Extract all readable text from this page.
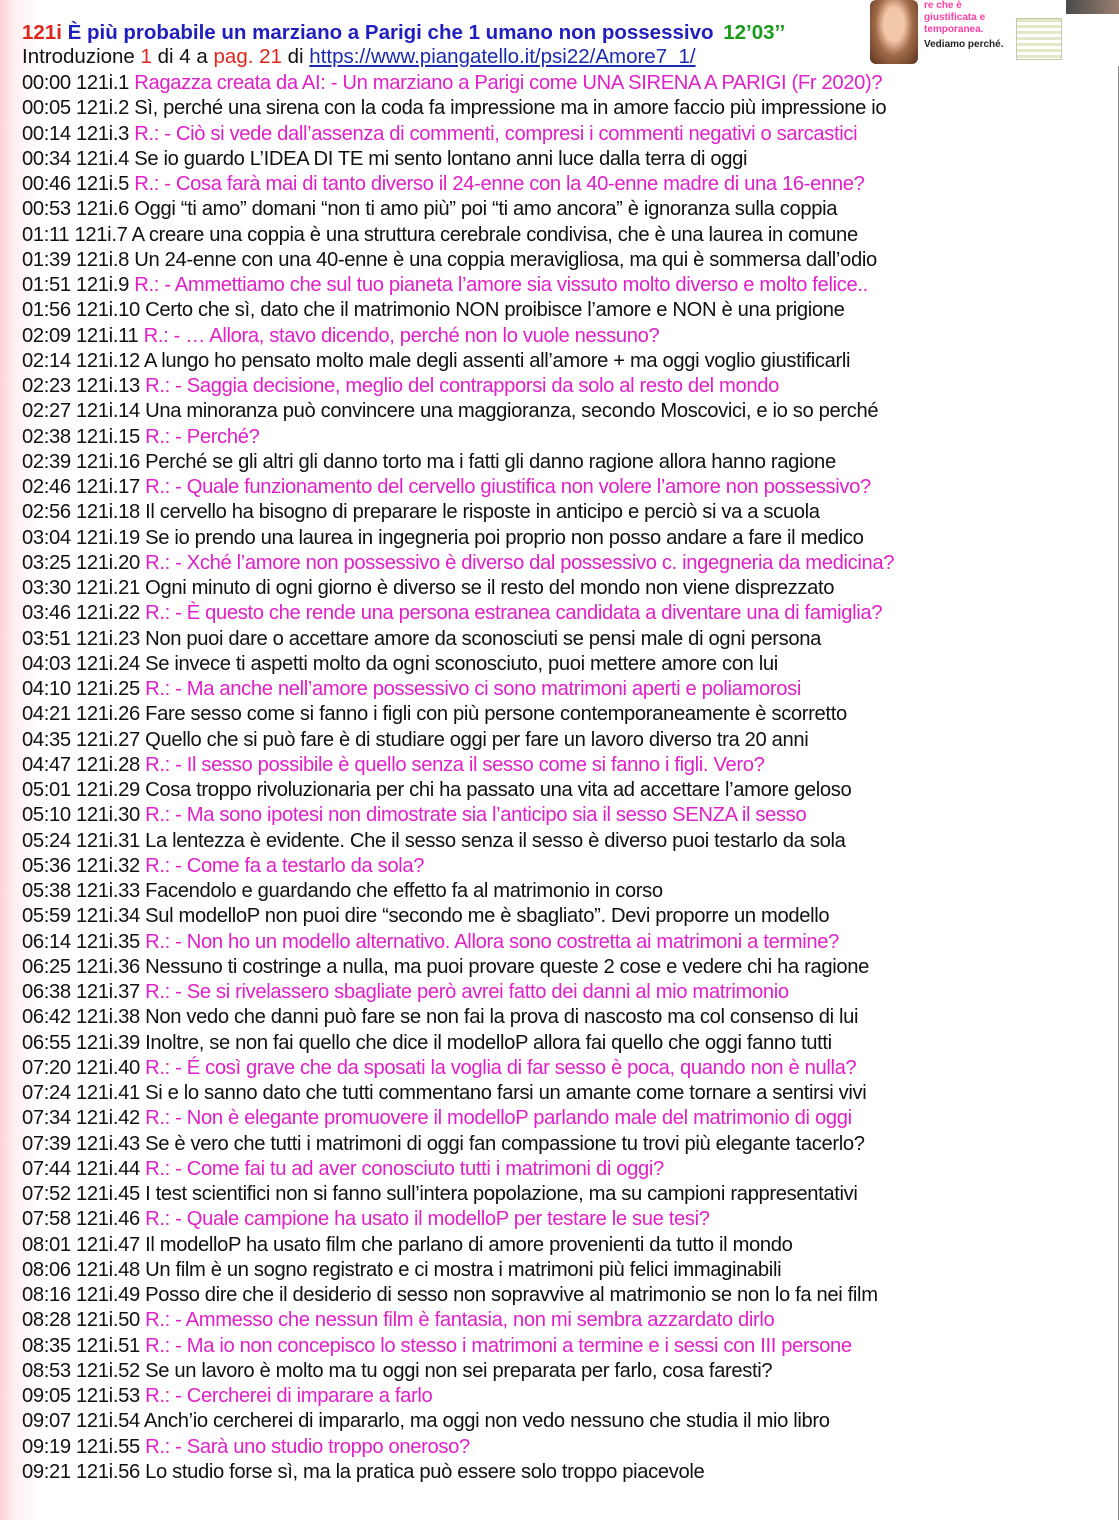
121i È più probabile un marziano a Parigi che 1 umano non possessivo 12’03’’
Introduzione 1 di 4 a pag. 21 di https://www.piangatello.it/psi22/Amore7_1/
re che è giustificata e temporanea.
Vediamo perché.
00:00 121i.1 Ragazza creata da AI: - Un marziano a Parigi come UNA SIRENA A PARIGI (Fr 2020)?
00:05 121i.2 Sì, perché una sirena con la coda fa impressione ma in amore faccio più impressione io
00:14 121i.3 R.: - Ciò si vede dall’assenza di commenti, compresi i commenti negativi o sarcastici
00:34 121i.4 Se io guardo L’IDEA DI TE mi sento lontano anni luce dalla terra di oggi
00:46 121i.5 R.: - Cosa farà mai di tanto diverso il 24-enne con la 40-enne madre di una 16-enne?
00:53 121i.6 Oggi “ti amo” domani “non ti amo più” poi “ti amo ancora” è ignoranza sulla coppia
01:11 121i.7 A creare una coppia è una struttura cerebrale condivisa, che è una laurea in comune
01:39 121i.8 Un 24-enne con una 40-enne è una coppia meravigliosa, ma qui è sommersa dall’odio
01:51 121i.9 R.: - Ammettiamo che sul tuo pianeta l’amore sia vissuto molto diverso e molto felice..
01:56 121i.10 Certo che sì, dato che il matrimonio NON proibisce l’amore e NON è una prigione
02:09 121i.11 R.: - … Allora, stavo dicendo, perché non lo vuole nessuno?
02:14 121i.12 A lungo ho pensato molto male degli assenti all’amore + ma oggi voglio giustificarli
02:23 121i.13 R.: - Saggia decisione, meglio del contrapporsi da solo al resto del mondo
02:27 121i.14 Una minoranza può convincere una maggioranza, secondo Moscovici, e io so perché
02:38 121i.15 R.: - Perché?
02:39 121i.16 Perché se gli altri gli danno torto ma i fatti gli danno ragione allora hanno ragione
02:46 121i.17 R.: - Quale funzionamento del cervello giustifica non volere l’amore non possessivo?
02:56 121i.18 Il cervello ha bisogno di preparare le risposte in anticipo e perciò si va a scuola
03:04 121i.19 Se io prendo una laurea in ingegneria poi proprio non posso andare a fare il medico
03:25 121i.20 R.: - Xché l’amore non possessivo è diverso dal possessivo c. ingegneria da medicina?
03:30 121i.21 Ogni minuto di ogni giorno è diverso se il resto del mondo non viene disprezzato
03:46 121i.22 R.: - È questo che rende una persona estranea candidata a diventare una di famiglia?
03:51 121i.23 Non puoi dare o accettare amore da sconosciuti se pensi male di ogni persona
04:03 121i.24 Se invece ti aspetti molto da ogni sconosciuto, puoi mettere amore con lui
04:10 121i.25 R.: - Ma anche nell’amore possessivo ci sono matrimoni aperti e poliamorosi
04:21 121i.26 Fare sesso come si fanno i figli con più persone contemporaneamente è scorretto
04:35 121i.27 Quello che si può fare è di studiare oggi per fare un lavoro diverso tra 20 anni
04:47 121i.28 R.: - Il sesso possibile è quello senza il sesso come si fanno i figli. Vero?
05:01 121i.29 Cosa troppo rivoluzionaria per chi ha passato una vita ad accettare l’amore geloso
05:10 121i.30 R.: - Ma sono ipotesi non dimostrate sia l’anticipo sia il sesso SENZA il sesso
05:24 121i.31 La lentezza è evidente. Che il sesso senza il sesso è diverso puoi testarlo da sola
05:36 121i.32 R.: - Come fa a testarlo da sola?
05:38 121i.33 Facendolo e guardando che effetto fa al matrimonio in corso
05:59 121i.34 Sul modelloP non puoi dire “secondo me è sbagliato”. Devi proporre un modello
06:14 121i.35 R.: - Non ho un modello alternativo. Allora sono costretta ai matrimoni a termine?
06:25 121i.36 Nessuno ti costringe a nulla, ma puoi provare queste 2 cose e vedere chi ha ragione
06:38 121i.37 R.: - Se si rivelassero sbagliate però avrei fatto dei danni al mio matrimonio
06:42 121i.38 Non vedo che danni può fare se non fai la prova di nascosto ma col consenso di lui
06:55 121i.39 Inoltre, se non fai quello che dice il modelloP allora fai quello che oggi fanno tutti
07:20 121i.40 R.: - É così grave che da sposati la voglia di far sesso è poca, quando non è nulla?
07:24 121i.41 Si e lo sanno dato che tutti commentano farsi un amante come tornare a sentirsi vivi
07:34 121i.42 R.: - Non è elegante promuovere il modelloP parlando male del matrimonio di oggi
07:39 121i.43 Se è vero che tutti i matrimoni di oggi fan compassione tu trovi più elegante tacerlo?
07:44 121i.44 R.: - Come fai tu ad aver conosciuto tutti i matrimoni di oggi?
07:52 121i.45 I test scientifici non si fanno sull’intera popolazione, ma su campioni rappresentativi
07:58 121i.46 R.: - Quale campione ha usato il modelloP per testare le sue tesi?
08:01 121i.47 Il modelloP ha usato film che parlano di amore provenienti da tutto il mondo
08:06 121i.48 Un film è un sogno registrato e ci mostra i matrimoni più felici immaginabili
08:16 121i.49 Posso dire che il desiderio di sesso non sopravvive al matrimonio se non lo fa nei film
08:28 121i.50 R.: - Ammesso che nessun film è fantasia, non mi sembra azzardato dirlo
08:35 121i.51 R.: - Ma io non concepisco lo stesso i matrimoni a termine e i sessi con III persone
08:53 121i.52 Se un lavoro è molto ma tu oggi non sei preparata per farlo, cosa faresti?
09:05 121i.53 R.: - Cercherei di imparare a farlo
09:07 121i.54 Anch’io cercherei di impararlo, ma oggi non vedo nessuno che studia il mio libro
09:19 121i.55 R.: - Sarà uno studio troppo oneroso?
09:21 121i.56 Lo studio forse sì, ma la pratica può essere solo troppo piacevole
